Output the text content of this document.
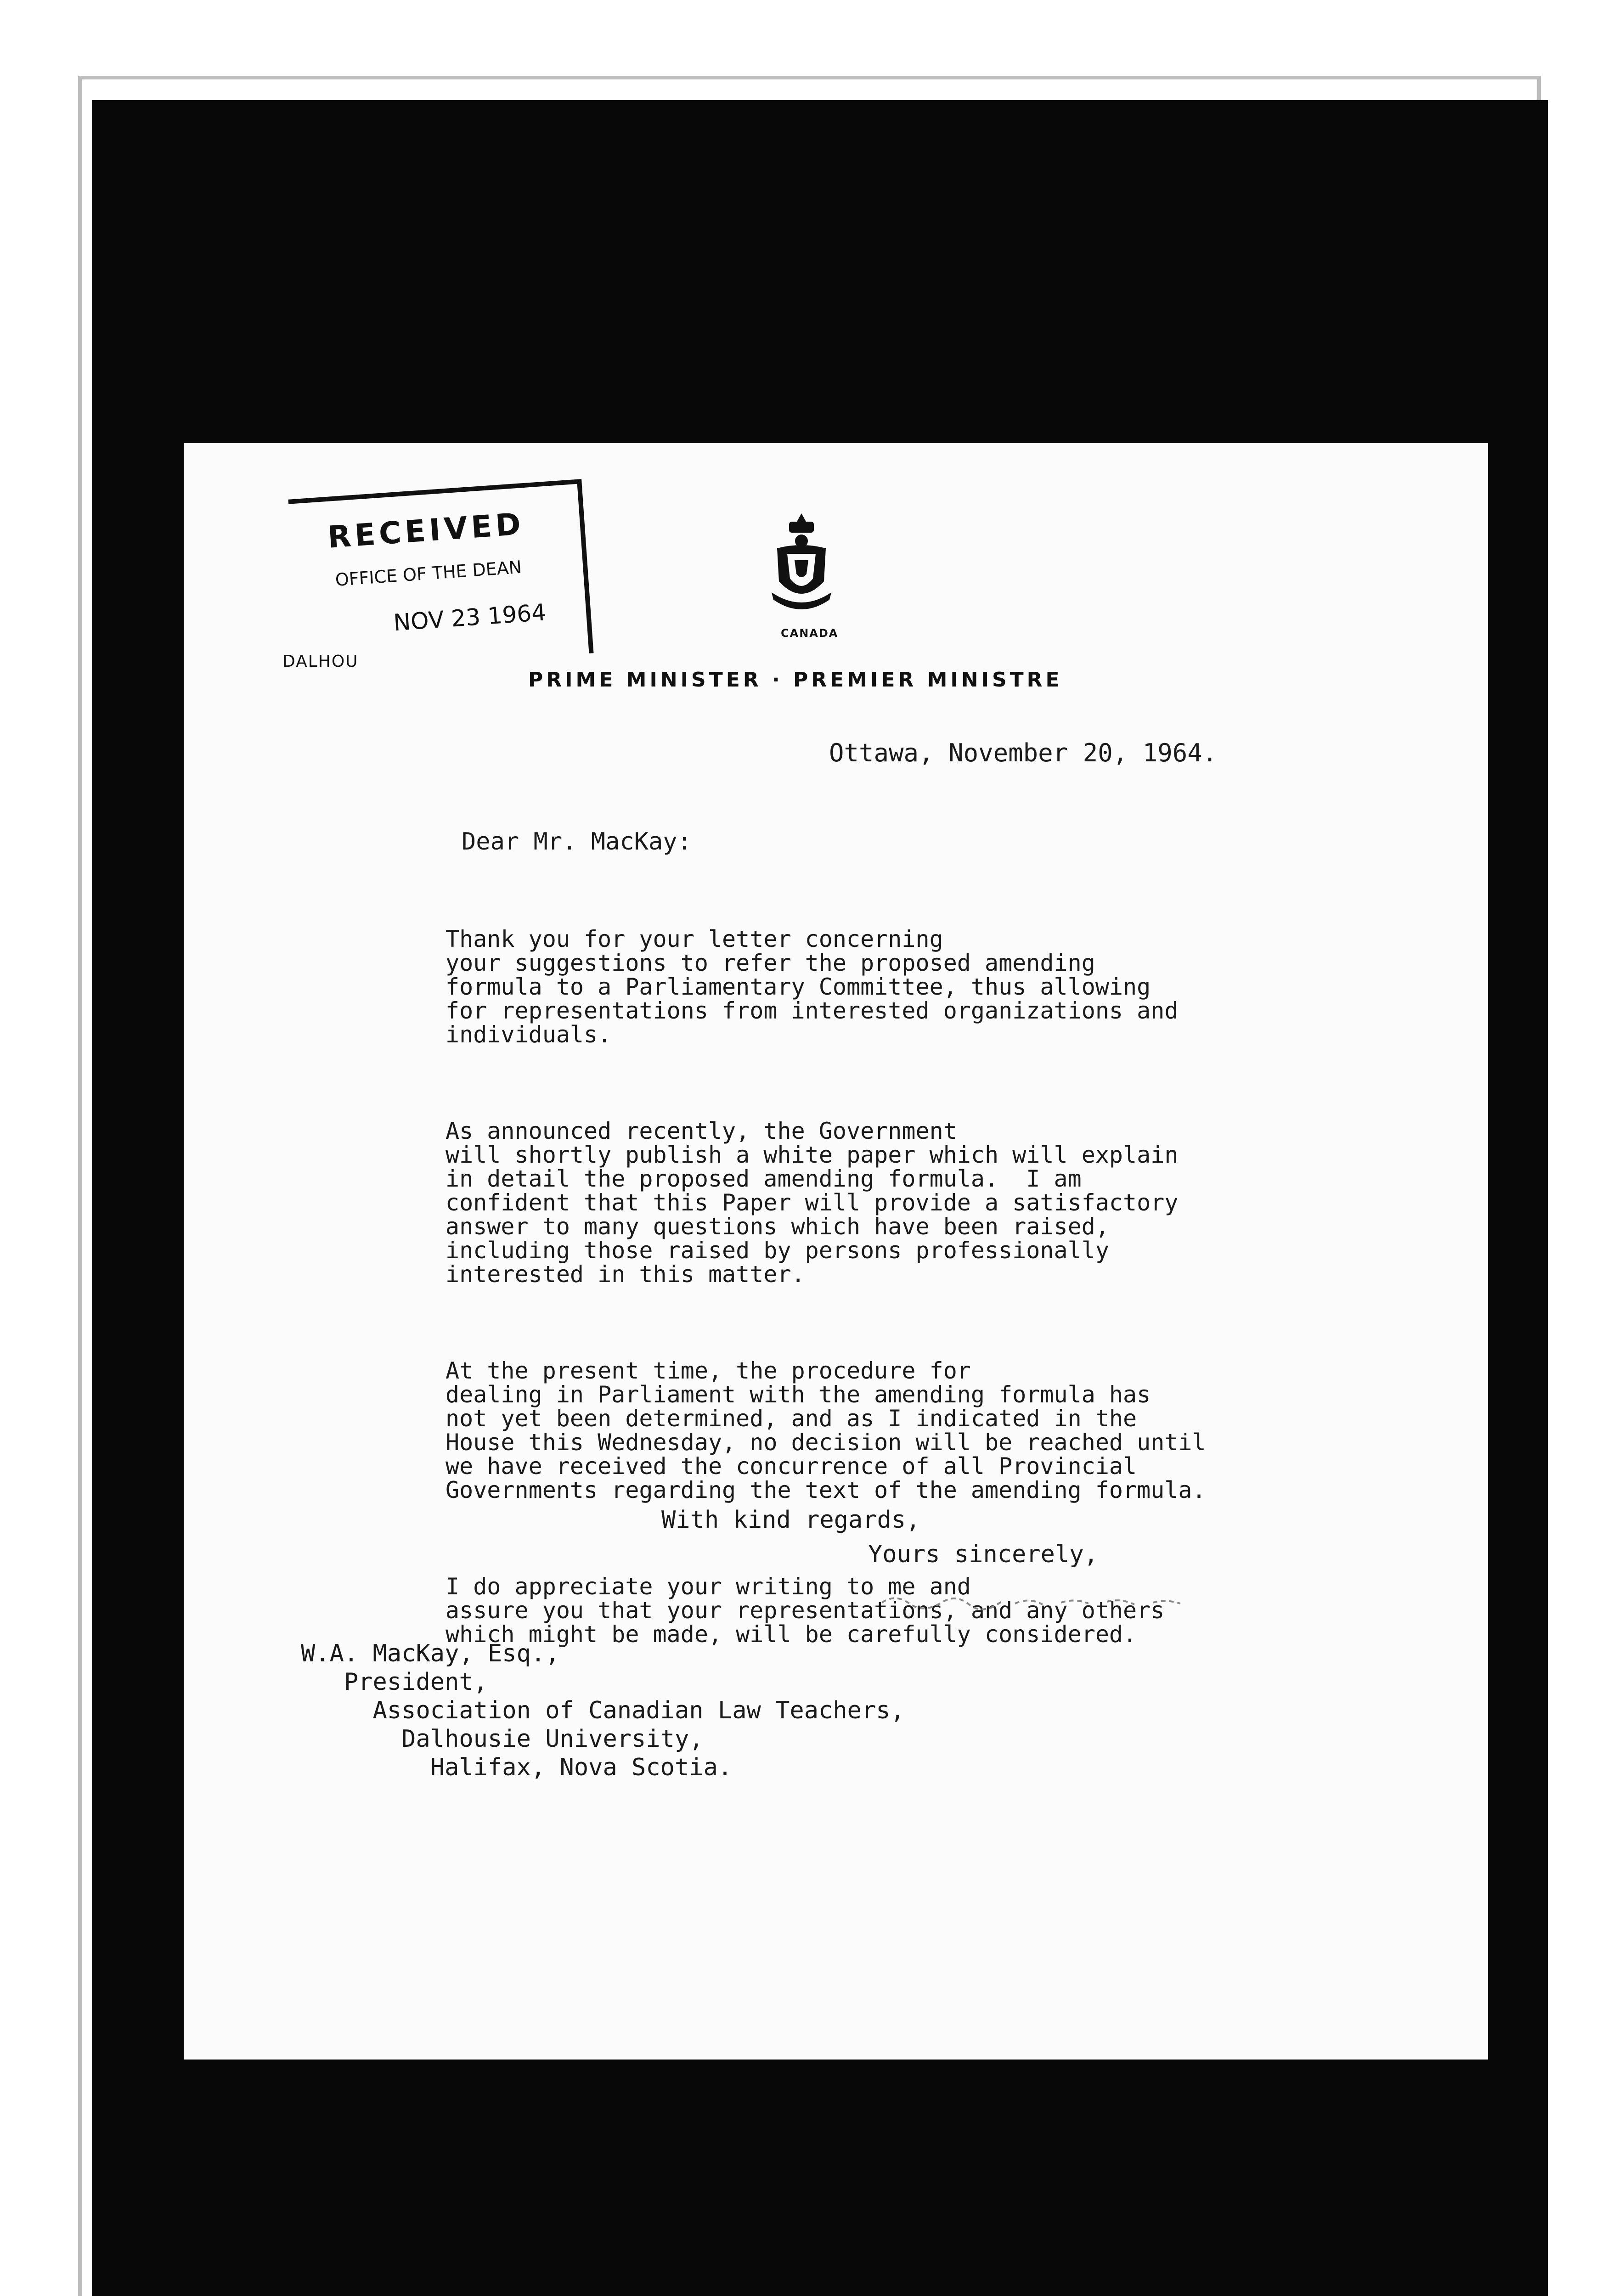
RECEIVED
OFFICE OF THE DEAN
NOV 23 1964
DALHOU
CANADA
PRIME MINISTER · PREMIER MINISTRE
Ottawa, November 20, 1964.
Dear Mr. MacKay:

Thank you for your letter concerning
your suggestions to refer the proposed amending
formula to a Parliamentary Committee, thus allowing
for representations from interested organizations and
individuals.

As announced recently, the Government
will shortly publish a white paper which will explain
in detail the proposed amending formula.  I am
confident that this Paper will provide a satisfactory
answer to many questions which have been raised,
including those raised by persons professionally
interested in this matter.

At the present time, the procedure for
dealing in Parliament with the amending formula has
not yet been determined, and as I indicated in the
House this Wednesday, no decision will be reached until
we have received the concurrence of all Provincial
Governments regarding the text of the amending formula.

I do appreciate your writing to me and
assure you that your representations, and any others
which might be made, will be carefully considered.

With kind regards,
Yours sincerely,
W.A. MacKay, Esq.,
President,
Association of Canadian Law Teachers,
Dalhousie University,
Halifax, Nova Scotia.
